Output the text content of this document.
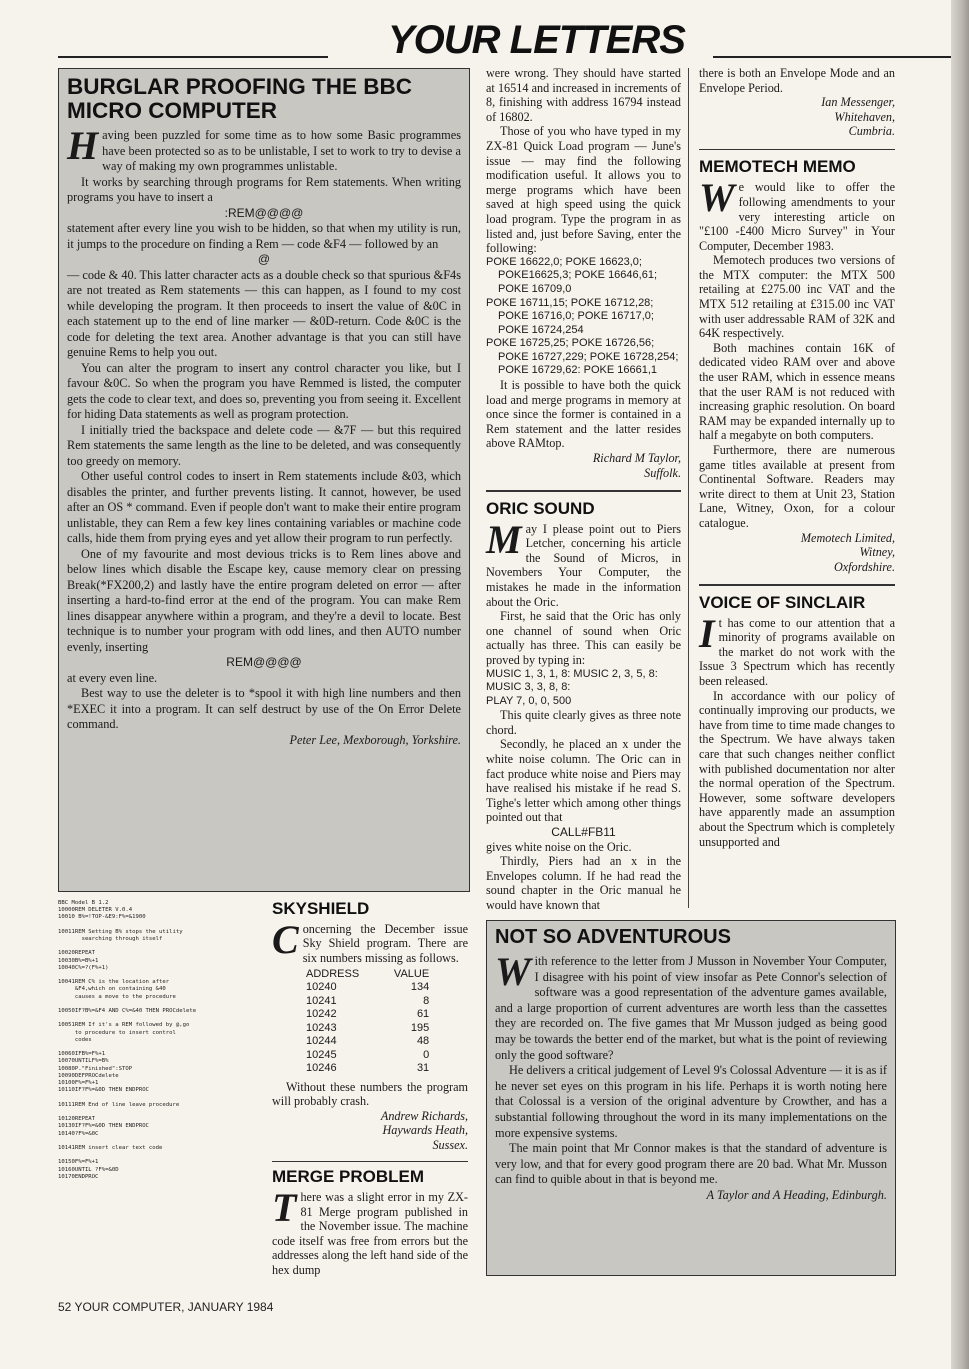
YOUR LETTERS
BURGLAR PROOFING THE BBC MICRO COMPUTER

Having been puzzled for some time as to how some Basic programmes have been protected so as to be unlistable, I set to work to try to devise a way of making my own programmes unlistable.

It works by searching through programs for Rem statements. When writing programs you have to insert a

:REM@@@@

statement after every line you wish to be hidden, so that when my utility is run, it jumps to the procedure on finding a Rem — code &F4 — followed by an

@

— code & 40. This latter character acts as a double check so that spurious &F4s are not treated as Rem statements — this can happen, as I found to my cost while developing the program. It then proceeds to insert the value of &0C in each statement up to the end of line marker — &0D-return. Code &0C is the code for deleting the text area. Another advantage is that you can still have genuine Rems to help you out.

You can alter the program to insert any control character you like, but I favour &0C. So when the program you have Remmed is listed, the computer gets the code to clear text, and does so, preventing you from seeing it. Excellent for hiding Data statements as well as program protection.

I initially tried the backspace and delete code — &7F — but this required Rem statements the same length as the line to be deleted, and was consequently too greedy on memory.

Other useful control codes to insert in Rem statements include &03, which disables the printer, and further prevents listing. It cannot, however, be used after an OS * command. Even if people don't want to make their entire program unlistable, they can Rem a few key lines containing variables or machine code calls, hide them from prying eyes and yet allow their program to run perfectly.

One of my favourite and most devious tricks is to Rem lines above and below lines which disable the Escape key, cause memory clear on pressing Break(*FX200,2) and lastly have the entire program deleted on error — after inserting a hard-to-find error at the end of the program. You can make Rem lines disappear anywhere within a program, and they're a devil to locate. Best technique is to number your program with odd lines, and then AUTO number evenly, inserting

REM@@@@

at every even line.

Best way to use the deleter is to *spool it with high line numbers and then *EXEC it into a program. It can self destruct by use of the On Error Delete command.

Peter Lee, Mexborough, Yorkshire.

BBC Model B 1.2
10000REM DELETER V.0.4
10010 B%=!TOP-&E9:F%=&1900

10011REM Setting B% stops the utility
searching through itself

10020REPEAT
10030B%=B%+1
10040C%=?(F%+1)

10041REM C% is the location after
&F4,which on containing &40
causes a move to the procedure

10050IF?B%=&F4 AND C%=&40 THEN PROCdelete

10051REM If it's a REM followed by @,go
to procedure to insert control
codes

10060IFB%=F%+1
10070UNTILF%=B%
10080P."Finished":STOP
10090DEFPROCdelete
10100F%=F%+1
10110IF?F%=&0D THEN ENDPROC

10111REM End of line leave procedure

10120REPEAT
10130IF?F%=&0D THEN ENDPROC
10140?F%=&0C

10141REM insert clear text code

10150F%=F%+1
10160UNTIL ?F%=&0D
10170ENDPROC
SKYSHIELD

Concerning the December issue Sky Shield program. There are six numbers missing as follows.

ADDRESS	VALUE
10240	134
10241	8
10242	61
10243	195
10244	48
10245	0
10246	31

Without these numbers the program will probably crash.

Andrew Richards,

Haywards Heath,

Sussex.

MERGE PROBLEM

There was a slight error in my ZX-81 Merge program published in the November issue. The machine code itself was free from errors but the addresses along the left hand side of the hex dump

were wrong. They should have started at 16514 and increased in increments of 8, finishing with address 16794 instead of 16802.

Those of you who have typed in my ZX-81 Quick Load program — June's issue — may find the following modification useful. It allows you to merge programs which have been saved at high speed using the quick load program. Type the program in as listed and, just before Saving, enter the following:

POKE 16622,0; POKE 16623,0;

POKE16625,3; POKE 16646,61;

POKE 16709,0

POKE 16711,15; POKE 16712,28;

POKE 16716,0; POKE 16717,0;

POKE 16724,254

POKE 16725,25; POKE 16726,56;

POKE 16727,229; POKE 16728,254;

POKE 16729,62: POKE 16661,1

It is possible to have both the quick load and merge programs in memory at once since the former is contained in a Rem statement and the latter resides above RAMtop.

Richard M Taylor,

Suffolk.

ORIC SOUND

May I please point out to Piers Letcher, concerning his article the Sound of Micros, in Novembers Your Computer, the mistakes he made in the information about the Oric.

First, he said that the Oric has only one channel of sound when Oric actually has three. This can easily be proved by typing in:

MUSIC 1, 3, 1, 8: MUSIC 2, 3, 5, 8:

MUSIC 3, 3, 8, 8:

PLAY 7, 0, 0, 500

This quite clearly gives as three note chord.

Secondly, he placed an x under the white noise column. The Oric can in fact produce white noise and Piers may have realised his mistake if he read S. Tighe's letter which among other things pointed out that

CALL#FB11

gives white noise on the Oric.

Thirdly, Piers had an x in the Envelopes column. If he had read the sound chapter in the Oric manual he would have known that

there is both an Envelope Mode and an Envelope Period.

Ian Messenger,

Whitehaven,

Cumbria.

MEMOTECH MEMO

We would like to offer the following amendments to your very interesting article on "£100 -£400 Micro Survey" in Your Computer, December 1983.

Memotech produces two versions of the MTX computer: the MTX 500 retailing at £275.00 inc VAT and the MTX 512 retailing at £315.00 inc VAT with user addressable RAM of 32K and 64K respectively.

Both machines contain 16K of dedicated video RAM over and above the user RAM, which in essence means that the user RAM is not reduced with increasing graphic resolution. On board RAM may be expanded internally up to half a megabyte on both computers.

Furthermore, there are numerous game titles available at present from Continental Software. Readers may write direct to them at Unit 23, Station Lane, Witney, Oxon, for a colour catalogue.

Memotech Limited,

Witney,

Oxfordshire.

VOICE OF SINCLAIR

It has come to our attention that a minority of programs available on the market do not work with the Issue 3 Spectrum which has recently been released.

In accordance with our policy of continually improving our products, we have from time to time made changes to the Spectrum. We have always taken care that such changes neither conflict with published documentation nor alter the normal operation of the Spectrum. However, some software developers have apparently made an assumption about the Spectrum which is completely unsupported and

NOT SO ADVENTUROUS

With reference to the letter from J Musson in November Your Computer, I disagree with his point of view insofar as Pete Connor's selection of software was a good representation of the adventure games available, and a large proportion of current adventures are worth less than the cassettes they are recorded on. The five games that Mr Musson judged as being good may be towards the better end of the market, but what is the point of reviewing only the good software?

He delivers a critical judgement of Level 9's Colossal Adventure — it is as if he never set eyes on this program in his life. Perhaps it is worth noting here that Colossal is a version of the original adventure by Crowther, and has a substantial following throughout the word in its many implementations on the more expensive systems.

The main point that Mr Connor makes is that the standard of adventure is very low, and that for every good program there are 20 bad. What Mr. Musson can find to quible about in that is beyond me.

A Taylor and A Heading, Edinburgh.

52 YOUR COMPUTER, JANUARY 1984
